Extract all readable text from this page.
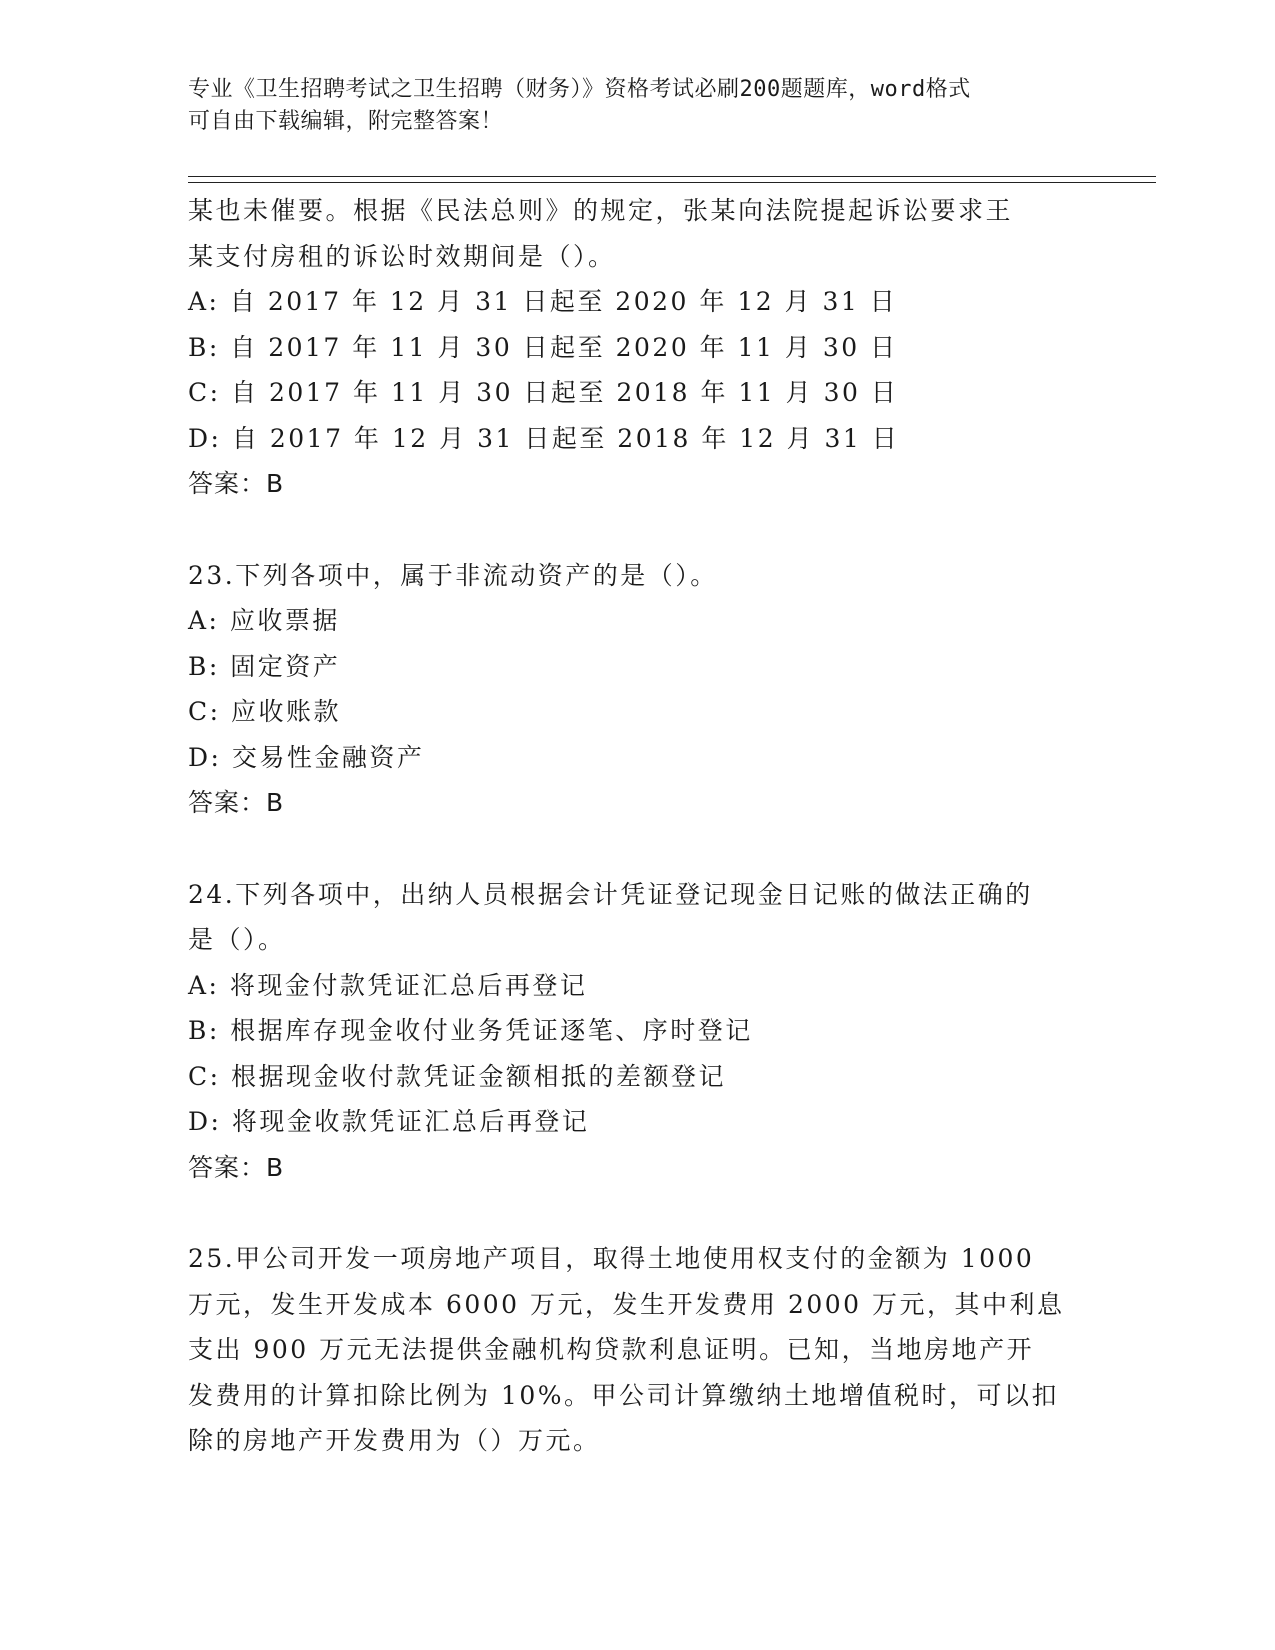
专业《卫生招聘考试之卫生招聘（财务）》资格考试必刷200题题库，word格式
可自由下载编辑，附完整答案！
某也未催要。根据《民法总则》的规定，张某向法院提起诉讼要求王
某支付房租的诉讼时效期间是（）。
A: 自 2017 年 12 月 31 日起至 2020 年 12 月 31 日
B: 自 2017 年 11 月 30 日起至 2020 年 11 月 30 日
C: 自 2017 年 11 月 30 日起至 2018 年 11 月 30 日
D: 自 2017 年 12 月 31 日起至 2018 年 12 月 31 日
答案：B
23.下列各项中，属于非流动资产的是（）。
A: 应收票据
B: 固定资产
C: 应收账款
D: 交易性金融资产
答案：B
24.下列各项中，出纳人员根据会计凭证登记现金日记账的做法正确的
是（）。
A: 将现金付款凭证汇总后再登记
B: 根据库存现金收付业务凭证逐笔、序时登记
C: 根据现金收付款凭证金额相抵的差额登记
D: 将现金收款凭证汇总后再登记
答案：B
25.甲公司开发一项房地产项目，取得土地使用权支付的金额为 1000
万元，发生开发成本 6000 万元，发生开发费用 2000 万元，其中利息
支出 900 万元无法提供金融机构贷款利息证明。已知，当地房地产开
发费用的计算扣除比例为 10%。甲公司计算缴纳土地增值税时，可以扣
除的房地产开发费用为（）万元。
